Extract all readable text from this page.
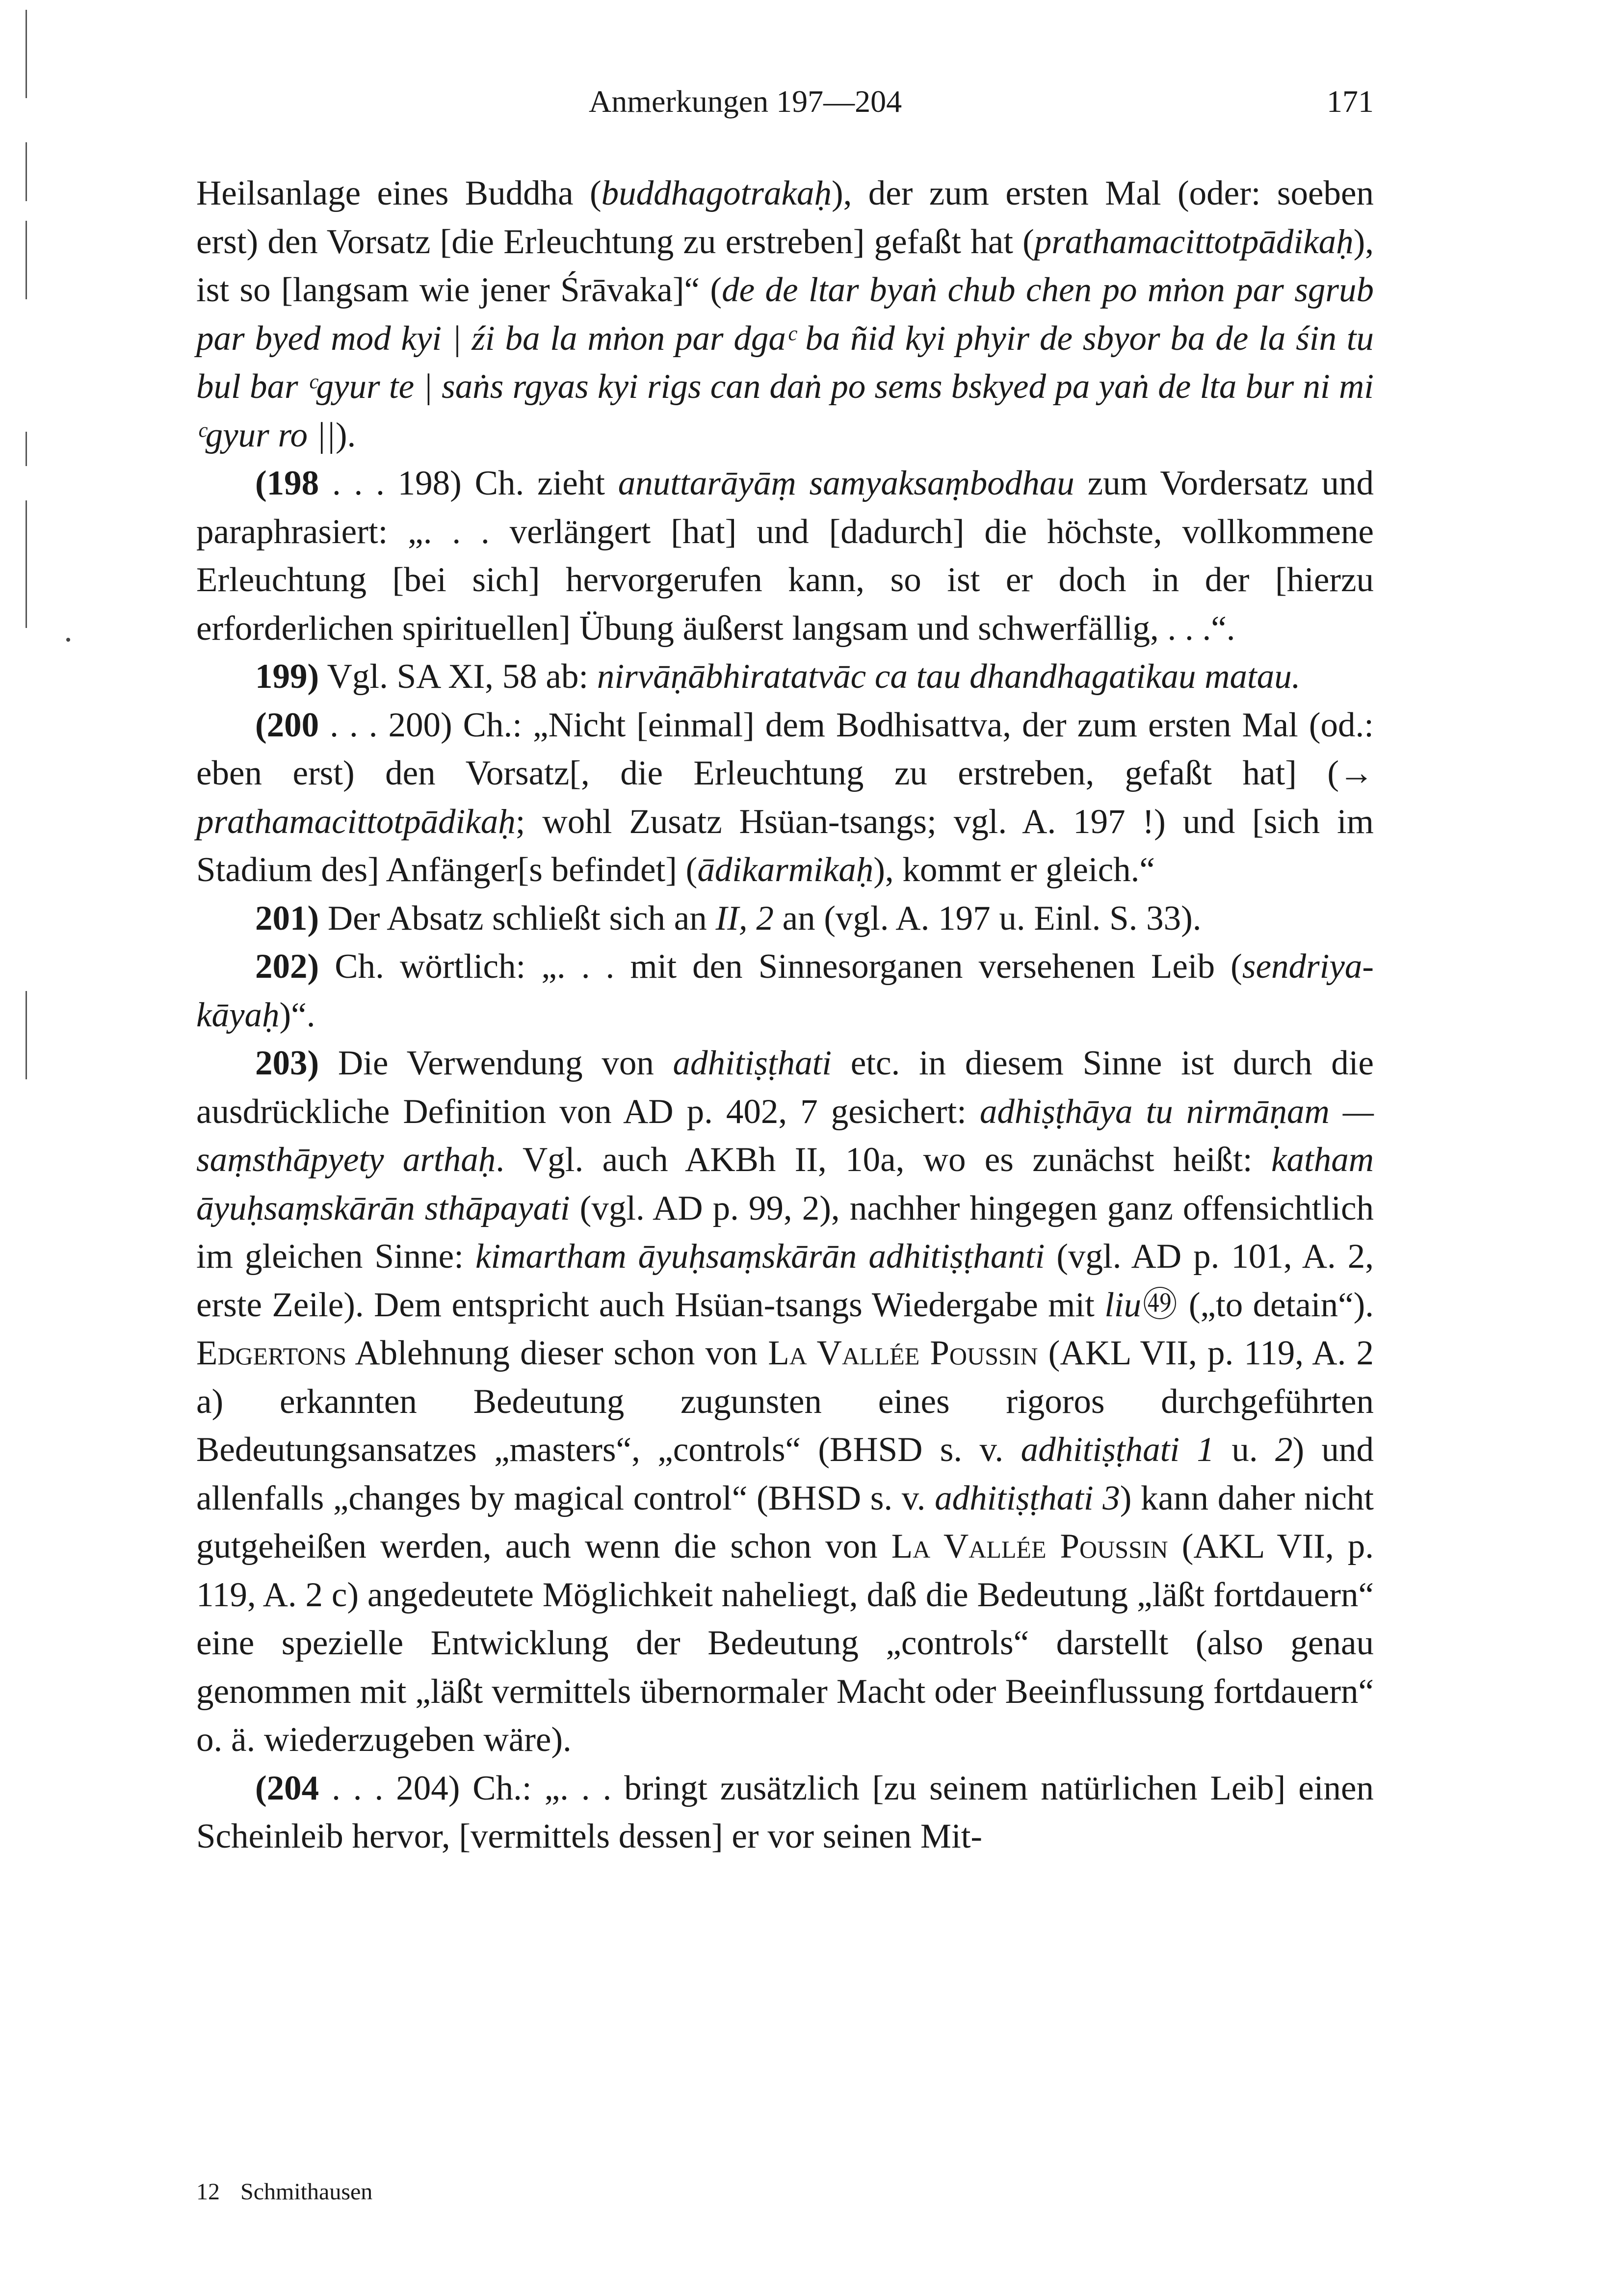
Anmerkungen 197—204	171

Heilsanlage eines Buddha (buddhagotrakaḥ), der zum ersten Mal (oder: soeben erst) den Vorsatz [die Erleuchtung zu erstreben] gefaßt hat (prathamacittotpādikaḥ), ist so [langsam wie jener Śrāvaka]“ (de de ltar byaṅ chub chen po mṅon par sgrub par byed mod kyi | źi ba la mṅon par dgaᶜ ba ñid kyi phyir de sbyor ba de la śin tu bul bar ᶜgyur te | saṅs rgyas kyi rigs can daṅ po sems bskyed pa yaṅ de lta bur ni mi ᶜgyur ro ||).

(198 . . . 198) Ch. zieht anuttarāyāṃ samyaksaṃbodhau zum Vordersatz und paraphrasiert: „. . . verlängert [hat] und [dadurch] die höchste, vollkommene Erleuchtung [bei sich] hervorgerufen kann, so ist er doch in der [hierzu erforderlichen spirituellen] Übung äußerst langsam und schwerfällig, . . .“.

199) Vgl. SA XI, 58 ab: nirvāṇābhiratatvāc ca tau dhandhagatikau matau.

(200 . . . 200) Ch.: „Nicht [einmal] dem Bodhisattva, der zum ersten Mal (od.: eben erst) den Vorsatz[, die Erleuchtung zu erstreben, gefaßt hat] (→ prathamacittotpādikaḥ; wohl Zusatz Hsüan-tsangs; vgl. A. 197 !) und [sich im Stadium des] Anfänger[s befindet] (ādikarmikaḥ), kommt er gleich.“

201) Der Absatz schließt sich an II, 2 an (vgl. A. 197 u. Einl. S. 33).

202) Ch. wörtlich: „. . . mit den Sinnesorganen versehenen Leib (sendriya-kāyaḥ)“.

203) Die Verwendung von adhitiṣṭhati etc. in diesem Sinne ist durch die ausdrückliche Definition von AD p. 402, 7 gesichert: adhiṣṭhāya tu nirmāṇam — saṃsthāpyety arthaḥ. Vgl. auch AKBh II, 10a, wo es zunächst heißt: katham āyuḥsaṃskārān sthāpayati (vgl. AD p. 99, 2), nachher hingegen ganz offensichtlich im gleichen Sinne: kimartham āyuḥsaṃskārān adhitiṣṭhanti (vgl. AD p. 101, A. 2, erste Zeile). Dem entspricht auch Hsüan-tsangs Wiedergabe mit liu㊾ („to detain“). Edgertons Ablehnung dieser schon von La Vallée Poussin (AKL VII, p. 119, A. 2 a) erkannten Bedeutung zugunsten eines rigoros durchgeführten Bedeutungsansatzes „masters“, „controls“ (BHSD s. v. adhitiṣṭhati 1 u. 2) und allenfalls „changes by magical control“ (BHSD s. v. adhitiṣṭhati 3) kann daher nicht gutgeheißen werden, auch wenn die schon von La Vallée Poussin (AKL VII, p. 119, A. 2 c) angedeutete Möglichkeit naheliegt, daß die Bedeutung „läßt fortdauern“ eine spezielle Entwicklung der Bedeutung „controls“ darstellt (also genau genommen mit „läßt vermittels übernormaler Macht oder Beeinflussung fortdauern“ o. ä. wiederzugeben wäre).

(204 . . . 204) Ch.: „. . . bringt zusätzlich [zu seinem natürlichen Leib] einen Scheinleib hervor, [vermittels dessen] er vor seinen Mit-

12 Schmithausen
